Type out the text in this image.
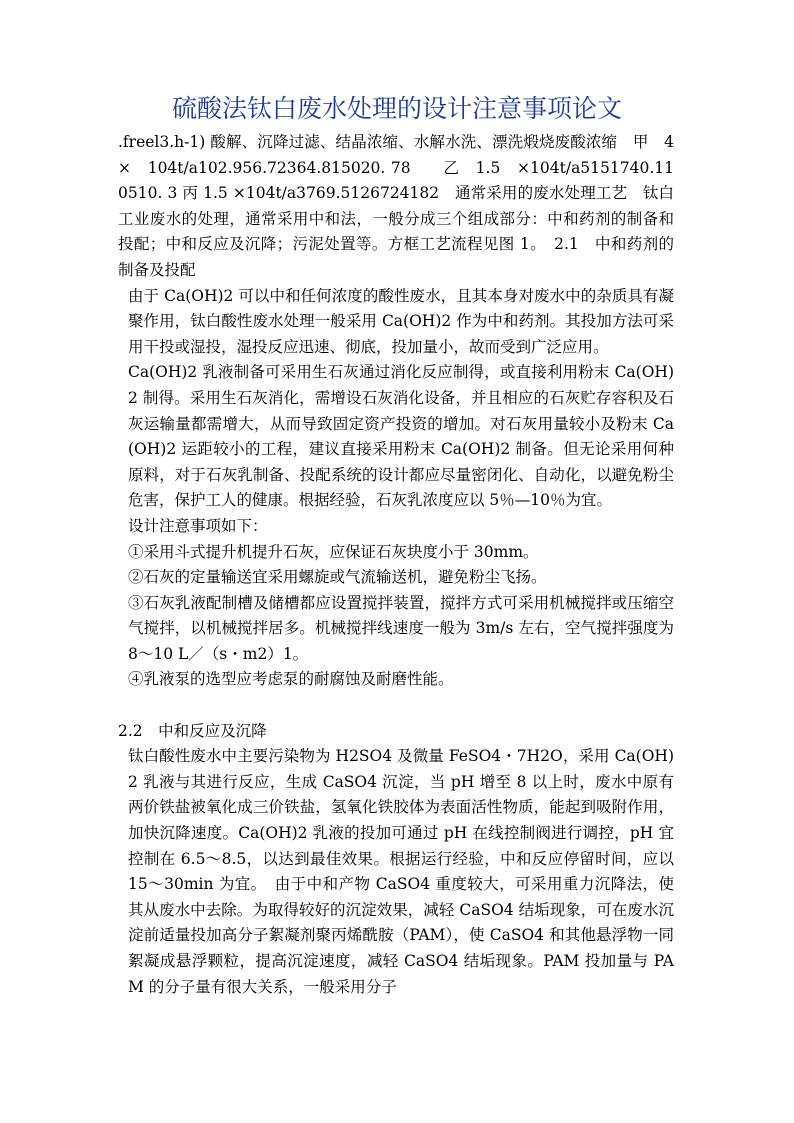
硫酸法钛白废水处理的设计注意事项论文

.freel3.h-1) 酸解、沉降过滤、结晶浓缩、水解水洗、漂洗煅烧废酸浓缩　甲　4　×　104t/a102.956.72364.815020. 78　　乙　1.5　×104t/a5151740.110510. 3 丙 1.5 ×104t/a3769.5126724182　通常采用的废水处理工艺　钛白工业废水的处理，通常采用中和法，一般分成三个组成部分：中和药剂的制备和投配；中和反应及沉降；污泥处置等。方框工艺流程见图 1。　2.1　中和药剂的制备及投配

由于 Ca(OH)2 可以中和任何浓度的酸性废水，且其本身对废水中的杂质具有凝聚作用，钛白酸性废水处理一般采用 Ca(OH)2 作为中和药剂。其投加方法可采用干投或湿投，湿投反应迅速、彻底，投加量小，故而受到广泛应用。

Ca(OH)2 乳液制备可采用生石灰通过消化反应制得，或直接利用粉末 Ca(OH)2 制得。采用生石灰消化，需增设石灰消化设备，并且相应的石灰贮存容积及石灰运输量都需增大，从而导致固定资产投资的增加。对石灰用量较小及粉末 Ca(OH)2 运距较小的工程，建议直接采用粉末 Ca(OH)2 制备。但无论采用何种原料，对于石灰乳制备、投配系统的设计都应尽量密闭化、自动化，以避免粉尘危害，保护工人的健康。根据经验，石灰乳浓度应以 5％—10％为宜。

设计注意事项如下：

①采用斗式提升机提升石灰，应保证石灰块度小于 30mm。

②石灰的定量输送宜采用螺旋或气流输送机，避免粉尘飞扬。

③石灰乳液配制槽及储槽都应设置搅拌装置，搅拌方式可采用机械搅拌或压缩空气搅拌，以机械搅拌居多。机械搅拌线速度一般为 3m/s 左右，空气搅拌强度为 8～10 L／（s・m2）1。

④乳液泵的选型应考虑泵的耐腐蚀及耐磨性能。

2.2　中和反应及沉降

钛白酸性废水中主要污染物为 H2SO4 及微量 FeSO4・7H2O，采用 Ca(OH)2 乳液与其进行反应，生成 CaSO4 沉淀，当 pH 增至 8 以上时，废水中原有两价铁盐被氧化成三价铁盐，氢氧化铁胶体为表面活性物质，能起到吸附作用，加快沉降速度。Ca(OH)2 乳液的投加可通过 pH 在线控制阀进行调控，pH 宜控制在 6.5～8.5，以达到最佳效果。根据运行经验，中和反应停留时间，应以 15～30min 为宜。　由于中和产物 CaSO4 重度较大，可采用重力沉降法，使其从废水中去除。为取得较好的沉淀效果，减轻 CaSO4 结垢现象，可在废水沉淀前适量投加高分子絮凝剂聚丙烯酰胺（PAM），使 CaSO4 和其他悬浮物一同絮凝成悬浮颗粒，提高沉淀速度，减轻 CaSO4 结垢现象。PAM 投加量与 PAM 的分子量有很大关系，一般采用分子
